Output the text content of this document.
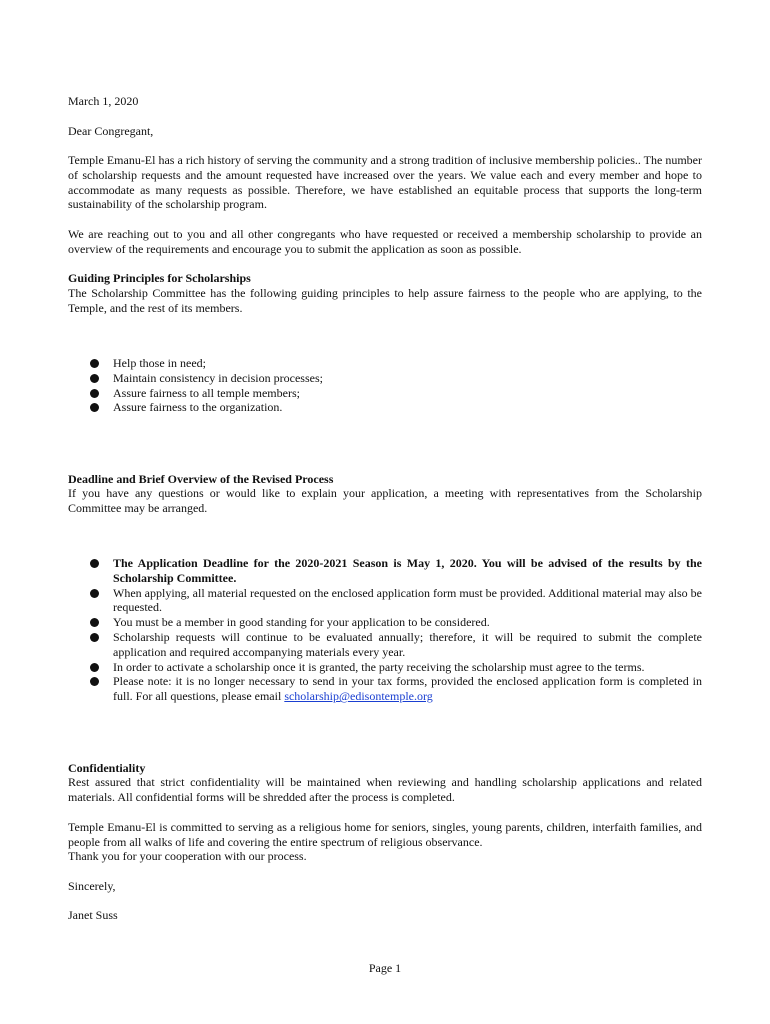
March 1, 2020

Dear Congregant,

Temple Emanu-El has a rich history of serving the community and a strong tradition of inclusive membership policies.. The number of scholarship requests and the amount requested have increased over the years. We value each and every member and hope to accommodate as many requests as possible. Therefore, we have established an equitable process that supports the long-term sustainability of the scholarship program.

We are reaching out to you and all other congregants who have requested or received a membership scholarship to provide an overview of the requirements and encourage you to submit the application as soon as possible.

Guiding Principles for Scholarships

The Scholarship Committee has the following guiding principles to help assure fairness to the people who are applying, to the Temple, and the rest of its members.

Help those in need;
Maintain consistency in decision processes;
Assure fairness to all temple members;
Assure fairness to the organization.

Deadline and Brief Overview of the Revised Process

If you have any questions or would like to explain your application, a meeting with representatives from the Scholarship Committee may be arranged.

The Application Deadline for the 2020-2021 Season is May 1, 2020. You will be advised of the results by the Scholarship Committee.
When applying, all material requested on the enclosed application form must be provided. Additional material may also be requested.
You must be a member in good standing for your application to be considered.
Scholarship requests will continue to be evaluated annually; therefore, it will be required to submit the complete application and required accompanying materials every year.
In order to activate a scholarship once it is granted, the party receiving the scholarship must agree to the terms.
Please note: it is no longer necessary to send in your tax forms, provided the enclosed application form is completed in full. For all questions, please email scholarship@edisontemple.org

Confidentiality

Rest assured that strict confidentiality will be maintained when reviewing and handling scholarship applications and related materials. All confidential forms will be shredded after the process is completed.

Temple Emanu-El is committed to serving as a religious home for seniors, singles, young parents, children, interfaith families, and people from all walks of life and covering the entire spectrum of religious observance.

Thank you for your cooperation with our process.

Sincerely,

Janet Suss

Page 1
